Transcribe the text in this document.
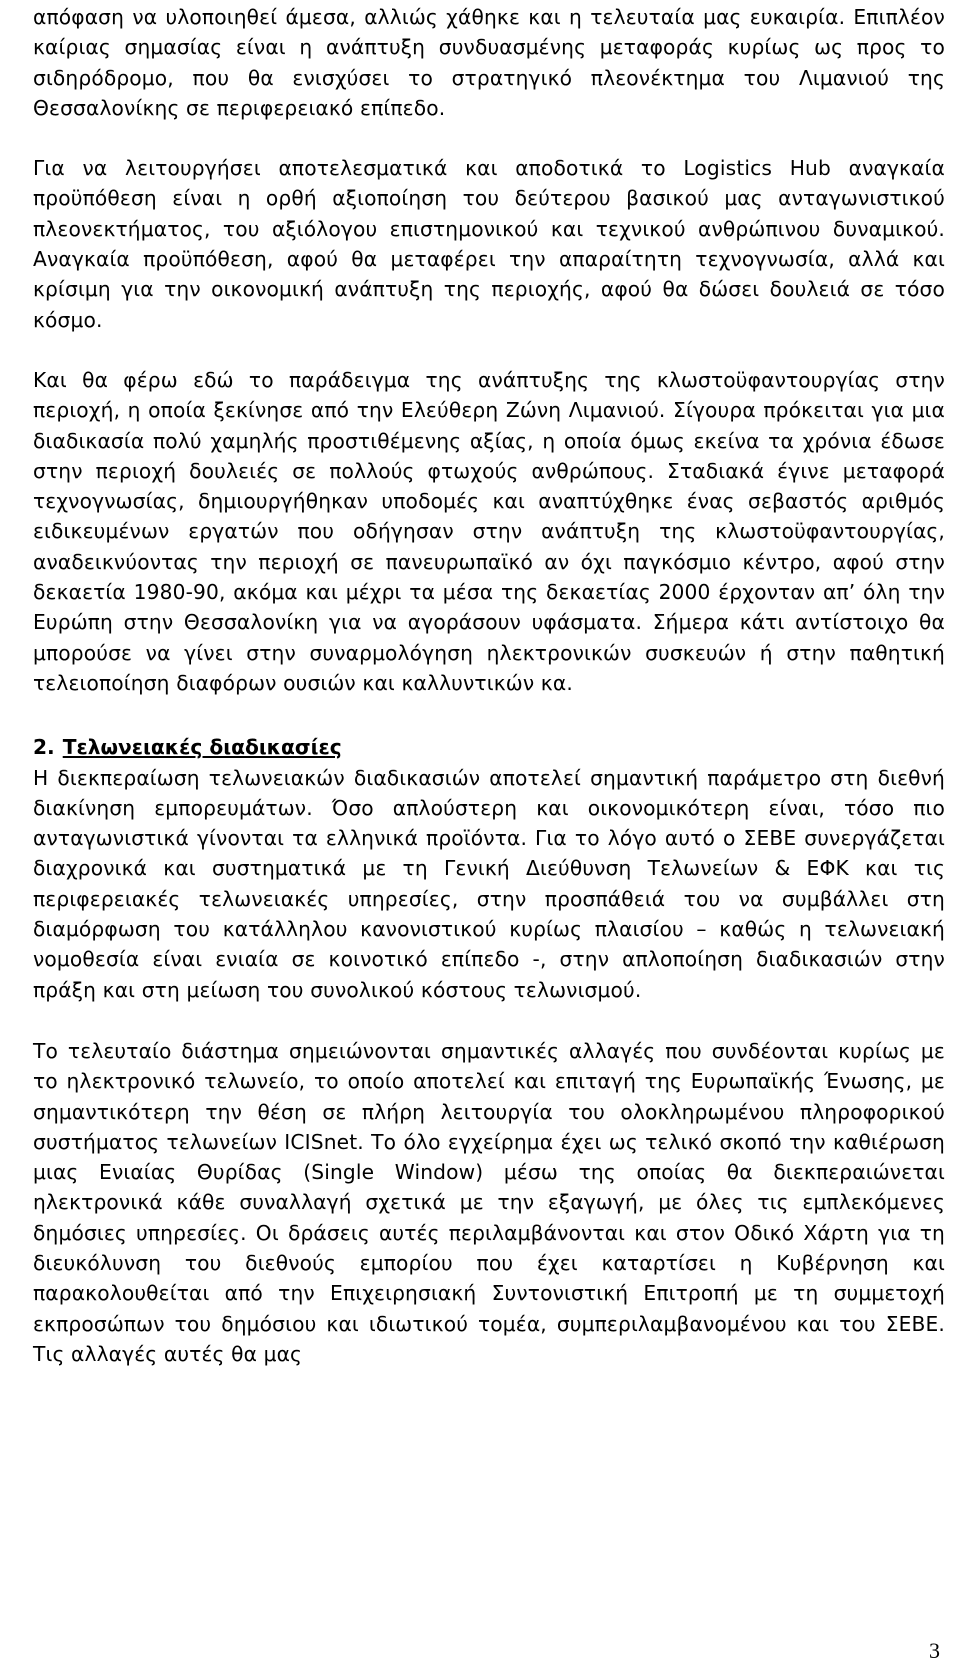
απόφαση να υλοποιηθεί άμεσα, αλλιώς χάθηκε και η τελευταία μας ευκαιρία. Επιπλέον καίριας σημασίας είναι η ανάπτυξη συνδυασμένης μεταφοράς κυρίως ως προς το σιδηρόδρομο, που θα ενισχύσει το στρατηγικό πλεονέκτημα του Λιμανιού της Θεσσαλονίκης σε περιφερειακό επίπεδο.

Για να λειτουργήσει αποτελεσματικά και αποδοτικά το Logistics Hub αναγκαία προϋπόθεση είναι η ορθή αξιοποίηση του δεύτερου βασικού μας ανταγωνιστικού πλεονεκτήματος, του αξιόλογου επιστημονικού και τεχνικού ανθρώπινου δυναμικού. Αναγκαία προϋπόθεση, αφού θα μεταφέρει την απαραίτητη τεχνογνωσία, αλλά και κρίσιμη για την οικονομική ανάπτυξη της περιοχής, αφού θα δώσει δουλειά σε τόσο κόσμο.

Και θα φέρω εδώ το παράδειγμα της ανάπτυξης της κλωστοϋφαντουργίας στην περιοχή, η οποία ξεκίνησε από την Ελεύθερη Ζώνη Λιμανιού. Σίγουρα πρόκειται για μια διαδικασία πολύ χαμηλής προστιθέμενης αξίας, η οποία όμως εκείνα τα χρόνια έδωσε στην περιοχή δουλειές σε πολλούς φτωχούς ανθρώπους. Σταδιακά έγινε μεταφορά τεχνογνωσίας, δημιουργήθηκαν υποδομές και αναπτύχθηκε ένας σεβαστός αριθμός ειδικευμένων εργατών που οδήγησαν στην ανάπτυξη της κλωστοϋφαντουργίας, αναδεικνύοντας την περιοχή σε πανευρωπαϊκό αν όχι παγκόσμιο κέντρο, αφού στην δεκαετία 1980-90, ακόμα και μέχρι τα μέσα της δεκαετίας 2000 έρχονταν απ’ όλη την Ευρώπη στην Θεσσαλονίκη για να αγοράσουν υφάσματα. Σήμερα κάτι αντίστοιχο θα μπορούσε να γίνει στην συναρμολόγηση ηλεκτρονικών συσκευών ή στην παθητική τελειοποίηση διαφόρων ουσιών και καλλυντικών κα.

2. Τελωνειακές διαδικασίες

Η διεκπεραίωση τελωνειακών διαδικασιών αποτελεί σημαντική παράμετρο στη διεθνή διακίνηση εμπορευμάτων. Όσο απλούστερη και οικονομικότερη είναι, τόσο πιο ανταγωνιστικά γίνονται τα ελληνικά προϊόντα. Για το λόγο αυτό ο ΣΕΒΕ συνεργάζεται διαχρονικά και συστηματικά με τη Γενική Διεύθυνση Τελωνείων & ΕΦΚ και τις περιφερειακές τελωνειακές υπηρεσίες, στην προσπάθειά του να συμβάλλει στη διαμόρφωση του κατάλληλου κανονιστικού κυρίως πλαισίου – καθώς η τελωνειακή νομοθεσία είναι ενιαία σε κοινοτικό επίπεδο -, στην απλοποίηση διαδικασιών στην πράξη και στη μείωση του συνολικού κόστους τελωνισμού.

Το τελευταίο διάστημα σημειώνονται σημαντικές αλλαγές που συνδέονται κυρίως με το ηλεκτρονικό τελωνείο, το οποίο αποτελεί και επιταγή της Ευρωπαϊκής Ένωσης, με σημαντικότερη την θέση σε πλήρη λειτουργία του ολοκληρωμένου πληροφορικού συστήματος τελωνείων ICISnet. Το όλο εγχείρημα έχει ως τελικό σκοπό την καθιέρωση μιας Ενιαίας Θυρίδας (Single Window) μέσω της οποίας θα διεκπεραιώνεται ηλεκτρονικά κάθε συναλλαγή σχετικά με την εξαγωγή, με όλες τις εμπλεκόμενες δημόσιες υπηρεσίες. Οι δράσεις αυτές περιλαμβάνονται και στον Οδικό Χάρτη για τη διευκόλυνση του διεθνούς εμπορίου που έχει καταρτίσει η Κυβέρνηση και παρακολουθείται από την Επιχειρησιακή Συντονιστική Επιτροπή με τη συμμετοχή εκπροσώπων του δημόσιου και ιδιωτικού τομέα, συμπεριλαμβανομένου και του ΣΕΒΕ. Τις αλλαγές αυτές θα μας

3
